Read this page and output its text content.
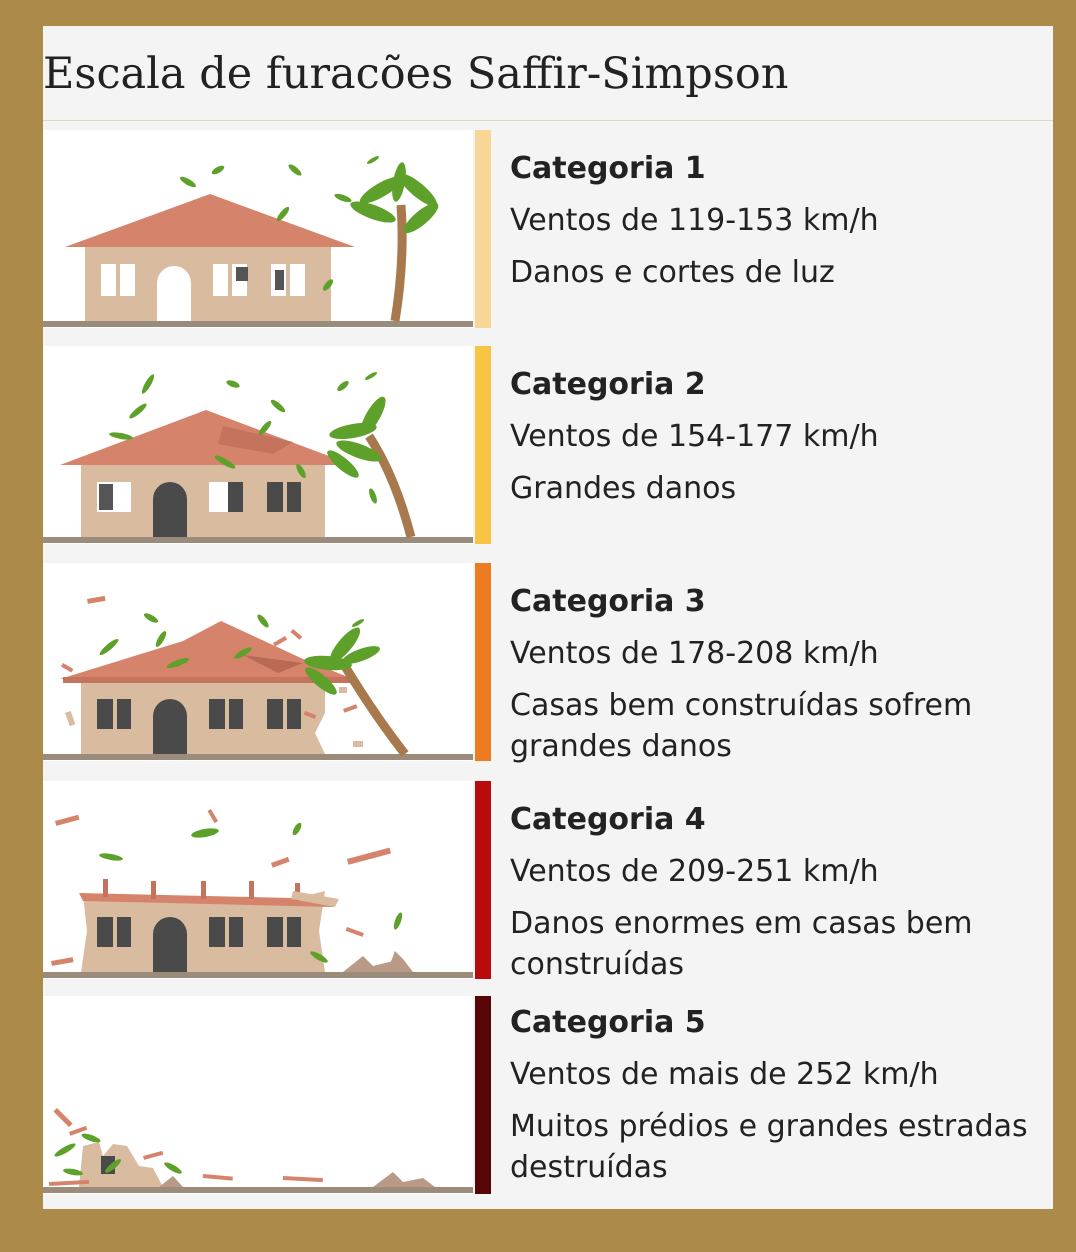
Escala de furacões Saffir-Simpson
Categoria 1
Ventos de 119-153 km/h
Danos e cortes de luz
Categoria 2
Ventos de 154-177 km/h
Grandes danos
Categoria 3
Ventos de 178-208 km/h
Casas bem construídas sofrem grandes danos
Categoria 4
Ventos de 209-251 km/h
Danos enormes em casas bem construídas
Categoria 5
Ventos de mais de 252 km/h
Muitos prédios e grandes estradas destruídas
